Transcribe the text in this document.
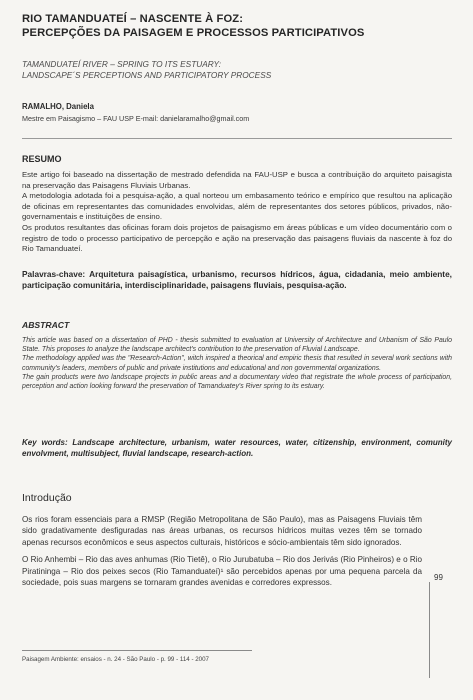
RIO TAMANDUATEÍ – NASCENTE À FOZ:
PERCEPÇÕES DA PAISAGEM E PROCESSOS PARTICIPATIVOS
TAMANDUATEÍ RIVER – SPRING TO ITS ESTUARY:
LANDSCAPE´S PERCEPTIONS AND PARTICIPATORY PROCESS
RAMALHO, Daniela
Mestre em Paisagismo – FAU USP E-mail: danielaramalho@gmail.com
RESUMO

Este artigo foi baseado na dissertação de mestrado defendida na FAU-USP e busca a contribuição do arquiteto paisagista na preservação das Paisagens Fluviais Urbanas.

A metodologia adotada foi a pesquisa-ação, a qual norteou um embasamento teórico e empírico que resultou na aplicação de oficinas em representantes das comunidades envolvidas, além de representantes dos setores públicos, privados, não-governamentais e instituições de ensino.

Os produtos resultantes das oficinas foram dois projetos de paisagismo em áreas públicas e um vídeo documentário com o registro de todo o processo participativo de percepção e ação na preservação das paisagens fluviais da nascente à foz do Rio Tamanduateí.

Palavras-chave: Arquitetura paisagística, urbanismo, recursos hídricos, água, cidadania, meio ambiente, participação comunitária, interdisciplinaridade, paisagens fluviais, pesquisa-ação.
ABSTRACT

This article was based on a dissertation of PHD - thesis submitted to evaluation at University of Architecture and Urbanism of São Paulo State. This proposes to analyze the landscape architect's contribution to the preservation of Fluvial Landscape.

The methodology applied was the "Research-Action", witch inspired a theorical and empiric thesis that resulted in several work sections with community's leaders, members of public and private institutions and educational and non governmental organizations.

The gain products were two landscape projects in public areas and a documentary video that registrate the whole process of participation, perception and action looking forward the preservation of Tamanduatey's River spring to its estuary.

Key words: Landscape architecture, urbanism, water resources, water, citizenship, environment, comunity envolvment, multisubject, fluvial landscape, research-action.
Introdução

Os rios foram essenciais para a RMSP (Região Metropolitana de São Paulo), mas as Paisagens Fluviais têm sido gradativamente desfiguradas nas áreas urbanas, os recursos hídricos muitas vezes têm se tornado apenas recursos econômicos e seus aspectos culturais, históricos e sócio-ambientais têm sido ignorados.

O Rio Anhembi – Rio das aves anhumas (Rio Tietê), o Rio Jurubatuba – Rio dos Jerivás (Rio Pinheiros) e o Rio Piratininga – Rio dos peixes secos (Rio Tamanduateí)¹ são percebidos apenas por uma pequena parcela da sociedade, pois suas margens se tornaram grandes avenidas e corredores expressos.

99
Paisagem Ambiente: ensaios - n. 24 - São Paulo - p. 99 - 114 - 2007
